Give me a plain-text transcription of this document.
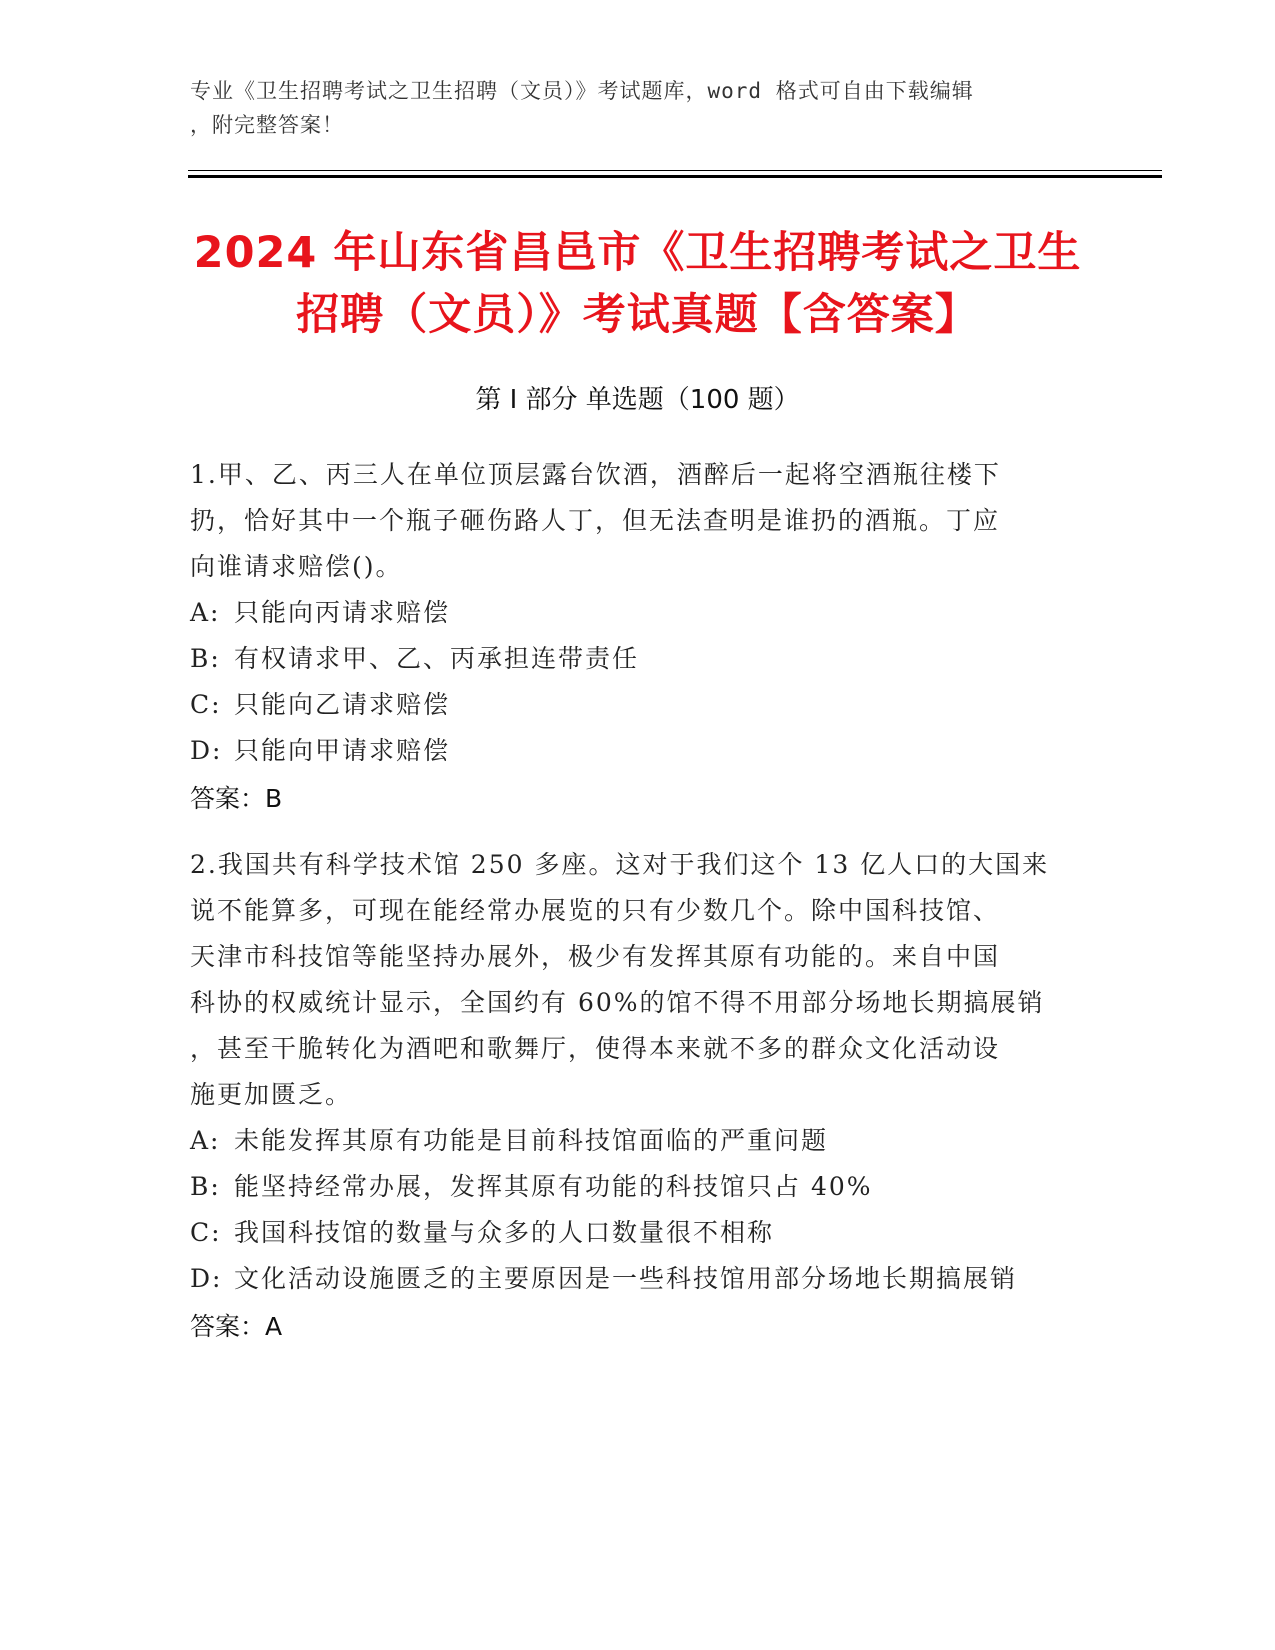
专业《卫生招聘考试之卫生招聘（文员）》考试题库，word 格式可自由下载编辑
，附完整答案！
2024 年山东省昌邑市《卫生招聘考试之卫生
招聘（文员）》考试真题【含答案】
第 I 部分 单选题（100 题）
1.甲、乙、丙三人在单位顶层露台饮酒，酒醉后一起将空酒瓶往楼下
扔，恰好其中一个瓶子砸伤路人丁，但无法查明是谁扔的酒瓶。丁应
向谁请求赔偿()。
A: 只能向丙请求赔偿
B: 有权请求甲、乙、丙承担连带责任
C: 只能向乙请求赔偿
D: 只能向甲请求赔偿
答案：B
2.我国共有科学技术馆 250 多座。这对于我们这个 13 亿人口的大国来
说不能算多，可现在能经常办展览的只有少数几个。除中国科技馆、
天津市科技馆等能坚持办展外，极少有发挥其原有功能的。来自中国
科协的权威统计显示，全国约有 60%的馆不得不用部分场地长期搞展销
，甚至干脆转化为酒吧和歌舞厅，使得本来就不多的群众文化活动设
施更加匮乏。
A: 未能发挥其原有功能是目前科技馆面临的严重问题
B: 能坚持经常办展，发挥其原有功能的科技馆只占 40%
C: 我国科技馆的数量与众多的人口数量很不相称
D: 文化活动设施匮乏的主要原因是一些科技馆用部分场地长期搞展销
答案：A
